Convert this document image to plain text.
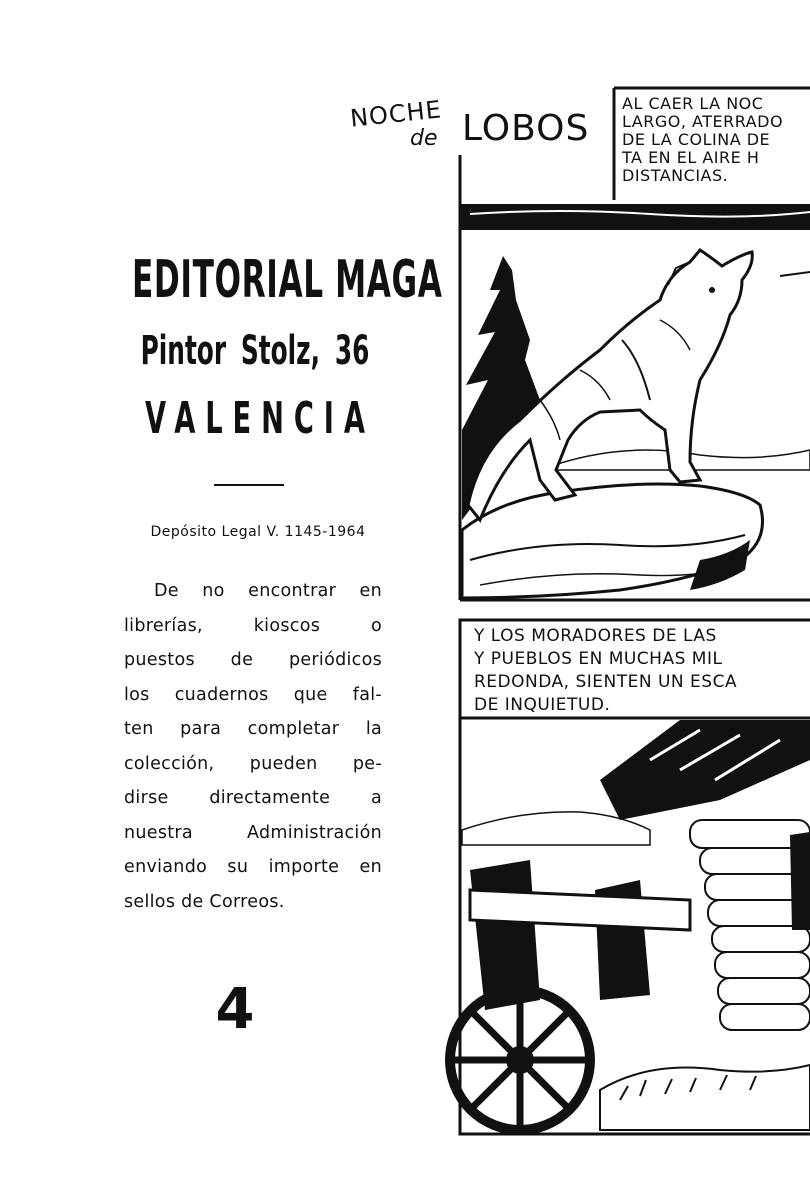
EDITORIAL MAGA
Pintor Stolz, 36
VALENCIA
Depósito Legal V. 1145-1964
De no encontrar en
librerías, kioscos o
puestos de periódicos
los cuadernos que fal-
ten para completar la
colección, pueden pe-
dirse directamente a
nuestra Administración
enviando su importe en
sellos de Correos.
4
NOCHE
de LOBOS
AL CAER LA NOC
LARGO, ATERRADO
DE LA COLINA DE
TA EN EL AIRE H
DISTANCIAS.
Y LOS MORADORES DE LAS
Y PUEBLOS EN MUCHAS MIL
REDONDA, SIENTEN UN ESCA
DE INQUIETUD.
